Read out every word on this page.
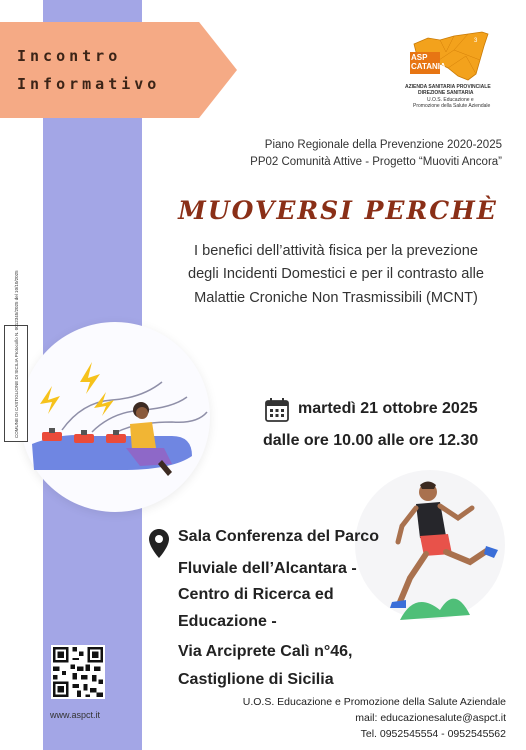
Incontro
Informativo
3
ASP
CATANIA
AZIENDA SANITARIA PROVINCIALE
DIREZIONE SANITARIA
U.O.S. Educazione e
Promozione della Salute Aziendale
Piano Regionale della Prevenzione 2020-2025
PP02 Comunità Attive - Progetto “Muoviti Ancora”
MUOVERSI PERCHÈ
I benefici dell’attività fisica per la prevezione
degli Incidenti Domestici e per il contrasto alle
Malattie Croniche Non Trasmissibili (MCNT)
COMUNE DI CASTIGLIONE DI SICILIA Protocollo N. 0012345/2025 del 10/10/2025	martedì 21 ottobre 2025
dalle ore 10.00 alle ore 12.30
Sala Conferenza del Parco
Fluviale dell’Alcantara -
Centro di Ricerca ed
Educazione -
Via Arciprete Calì n°46,
Castiglione di Sicilia
www.aspct.it
U.O.S. Educazione e Promozione della Salute Aziendale
mail: educazionesalute@aspct.it
Tel. 0952545554 - 0952545562
